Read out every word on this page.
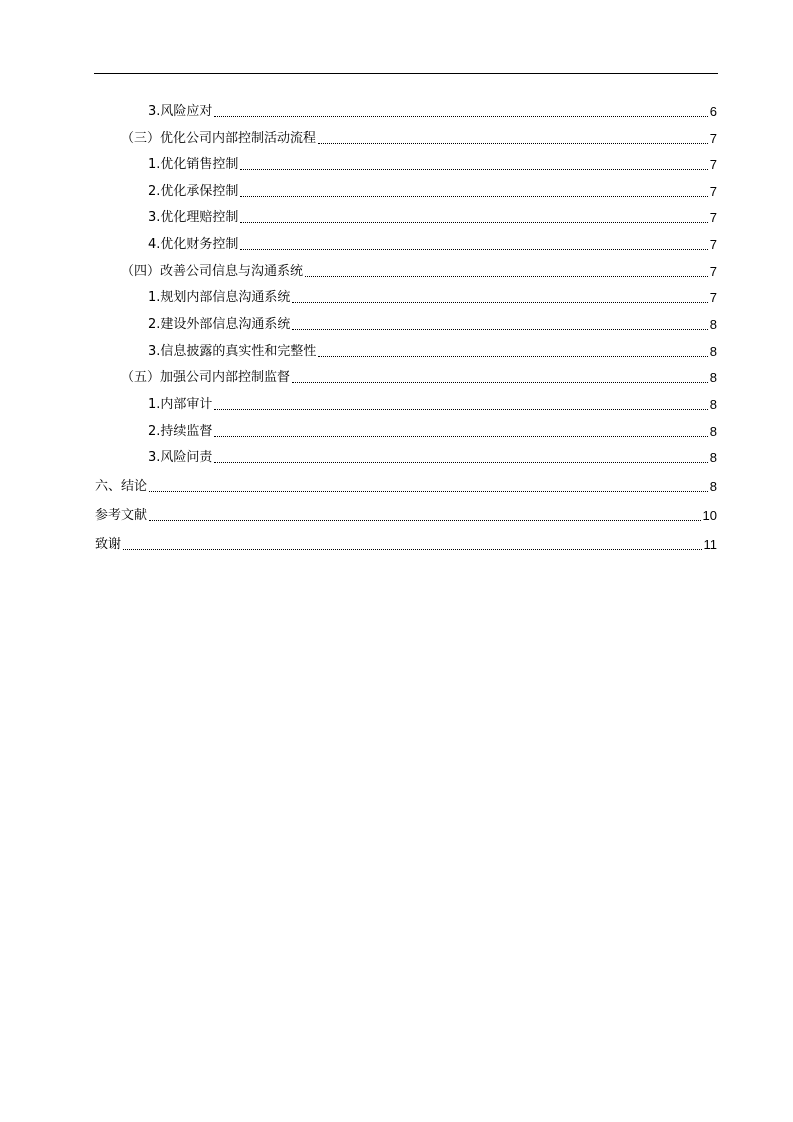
3.风险应对	6
（三）优化公司内部控制活动流程	7
1.优化销售控制	7
2.优化承保控制	7
3.优化理赔控制	7
4.优化财务控制	7
（四）改善公司信息与沟通系统	7
1.规划内部信息沟通系统	7
2.建设外部信息沟通系统	8
3.信息披露的真实性和完整性	8
（五）加强公司内部控制监督	8
1.内部审计	8
2.持续监督	8
3.风险问责	8
六、结论	8
参考文献	10
致谢	11
